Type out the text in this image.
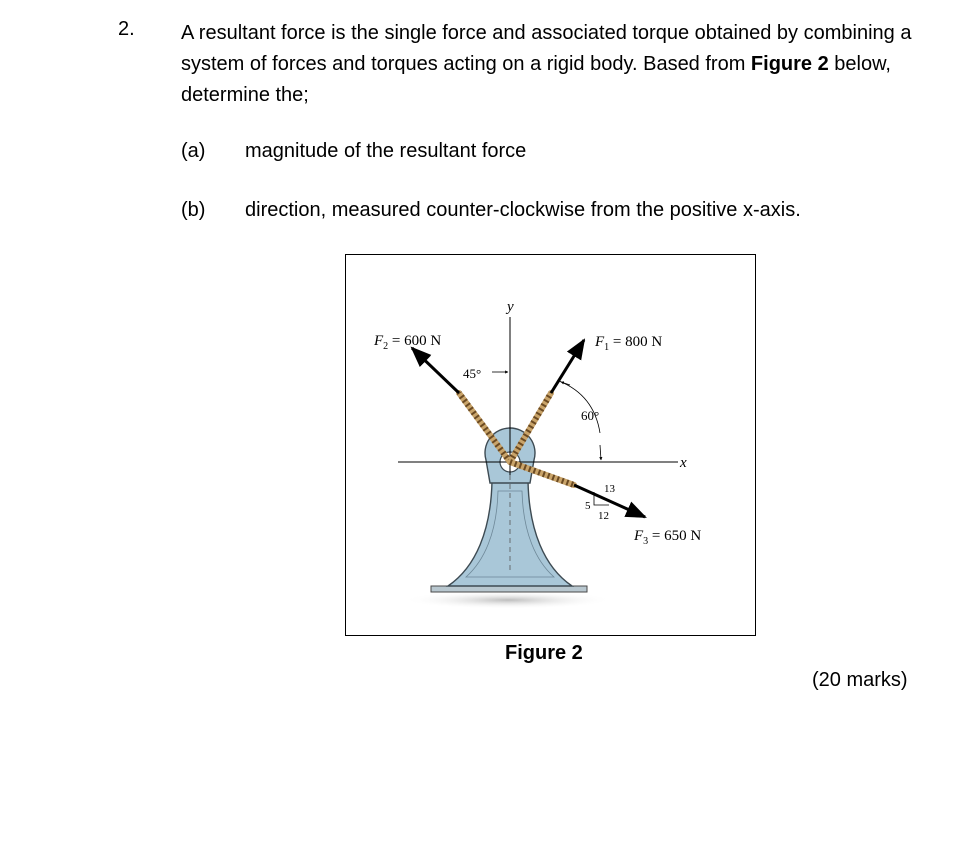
2. A resultant force is the single force and associated torque obtained by combining a system of forces and torques acting on a rigid body. Based from Figure 2 below, determine the;
(a) magnitude of the resultant force
(b) direction, measured counter-clockwise from the positive x-axis.
45°
60°
13
5
12
y
x
$F_2 = 600$ N	$F_1 = 800$ N
$F_3 = 650$ N
Figure 2
(20 marks)
